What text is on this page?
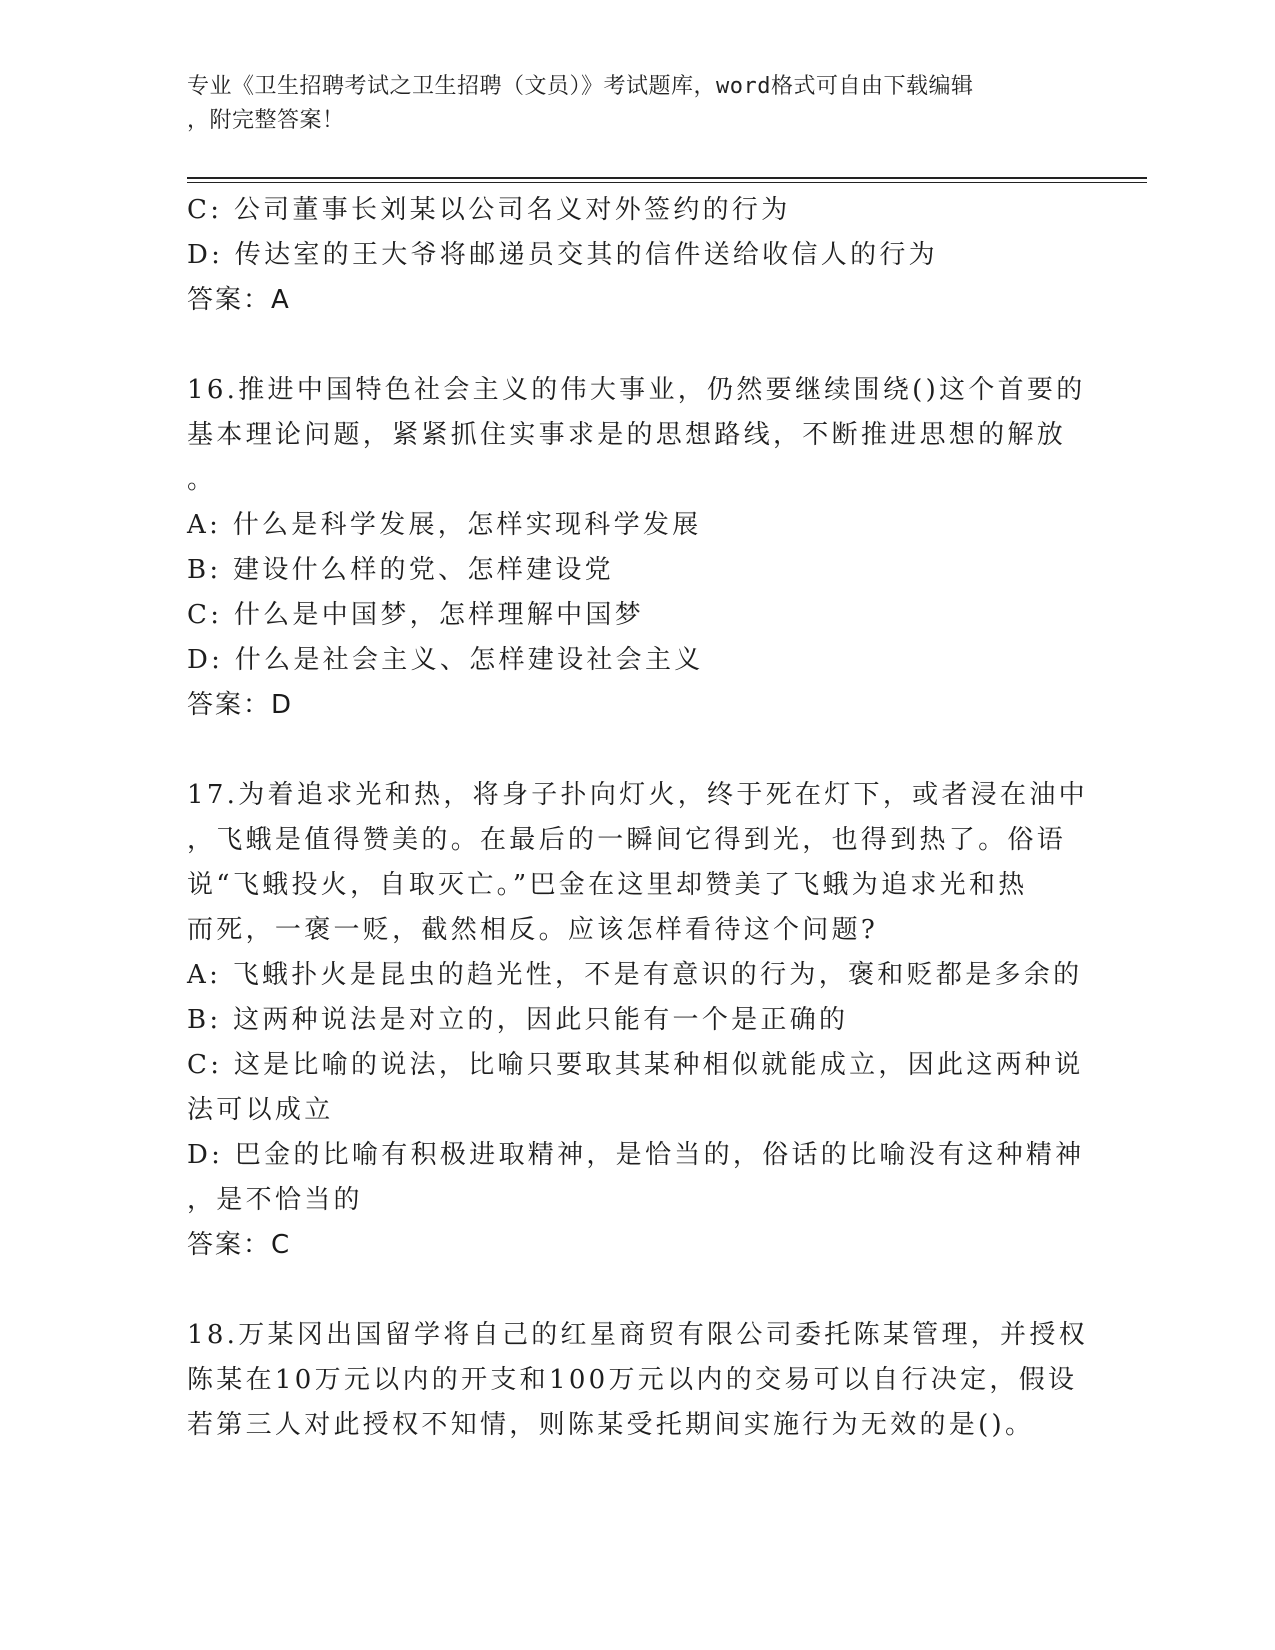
专业《卫生招聘考试之卫生招聘（文员）》考试题库，word格式可自由下载编辑
，附完整答案！
C: 公司董事长刘某以公司名义对外签约的行为
D: 传达室的王大爷将邮递员交其的信件送给收信人的行为
答案：A
16.推进中国特色社会主义的伟大事业，仍然要继续围绕()这个首要的
基本理论问题，紧紧抓住实事求是的思想路线，不断推进思想的解放
。
A: 什么是科学发展，怎样实现科学发展
B: 建设什么样的党、怎样建设党
C: 什么是中国梦，怎样理解中国梦
D: 什么是社会主义、怎样建设社会主义
答案：D
17.为着追求光和热，将身子扑向灯火，终于死在灯下，或者浸在油中
，飞蛾是值得赞美的。在最后的一瞬间它得到光，也得到热了。俗语
说“飞蛾投火，自取灭亡。”巴金在这里却赞美了飞蛾为追求光和热
而死，一褒一贬，截然相反。应该怎样看待这个问题?
A: 飞蛾扑火是昆虫的趋光性，不是有意识的行为，褒和贬都是多余的
B: 这两种说法是对立的，因此只能有一个是正确的
C: 这是比喻的说法，比喻只要取其某种相似就能成立，因此这两种说
法可以成立
D: 巴金的比喻有积极进取精神，是恰当的，俗话的比喻没有这种精神
，是不恰当的
答案：C
18.万某冈出国留学将自己的红星商贸有限公司委托陈某管理，并授权
陈某在10万元以内的开支和100万元以内的交易可以自行决定，假设
若第三人对此授权不知情，则陈某受托期间实施行为无效的是()。
